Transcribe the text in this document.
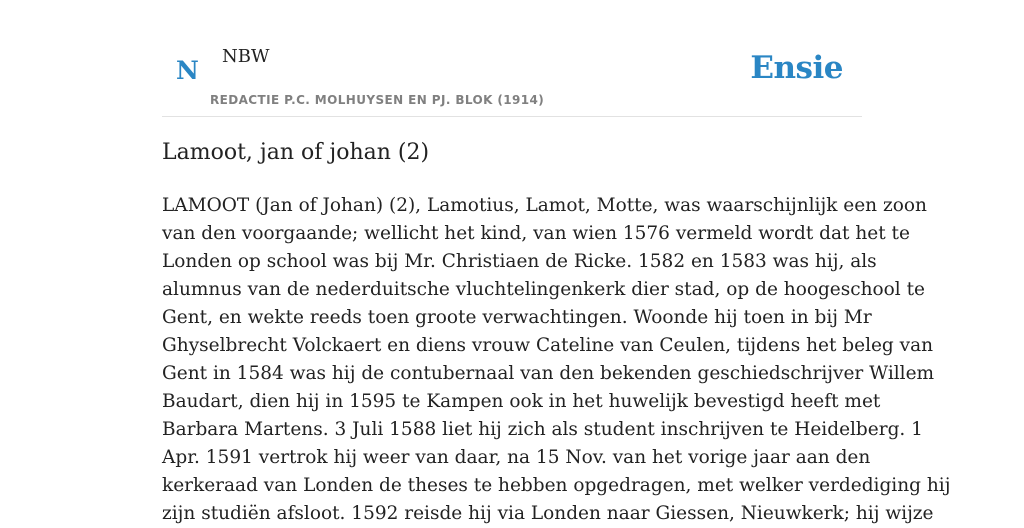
N NBW
REDACTIE P.C. MOLHUYSEN EN PJ. BLOK (1914)
Ensie
Lamoot, jan of johan (2)
LAMOOT (Jan of Johan) (2), Lamotius, Lamot, Motte, was waarschijnlijk een zoon
van den voorgaande; wellicht het kind, van wien 1576 vermeld wordt dat het te
Londen op school was bij Mr. Christiaen de Ricke. 1582 en 1583 was hij, als
alumnus van de nederduitsche vluchtelingenkerk dier stad, op de hoogeschool te
Gent, en wekte reeds toen groote verwachtingen. Woonde hij toen in bij Mr
Ghyselbrecht Volckaert en diens vrouw Cateline van Ceulen, tijdens het beleg van
Gent in 1584 was hij de contubernaal van den bekenden geschiedschrijver Willem
Baudart, dien hij in 1595 te Kampen ook in het huwelijk bevestigd heeft met
Barbara Martens. 3 Juli 1588 liet hij zich als student inschrijven te Heidelberg. 1
Apr. 1591 vertrok hij weer van daar, na 15 Nov. van het vorige jaar aan den
kerkeraad van Londen de theses te hebben opgedragen, met welker verdediging hij
zijn studiën afsloot. 1592 reisde hij via Londen naar Giessen, Nieuwkerk; hij wijze
